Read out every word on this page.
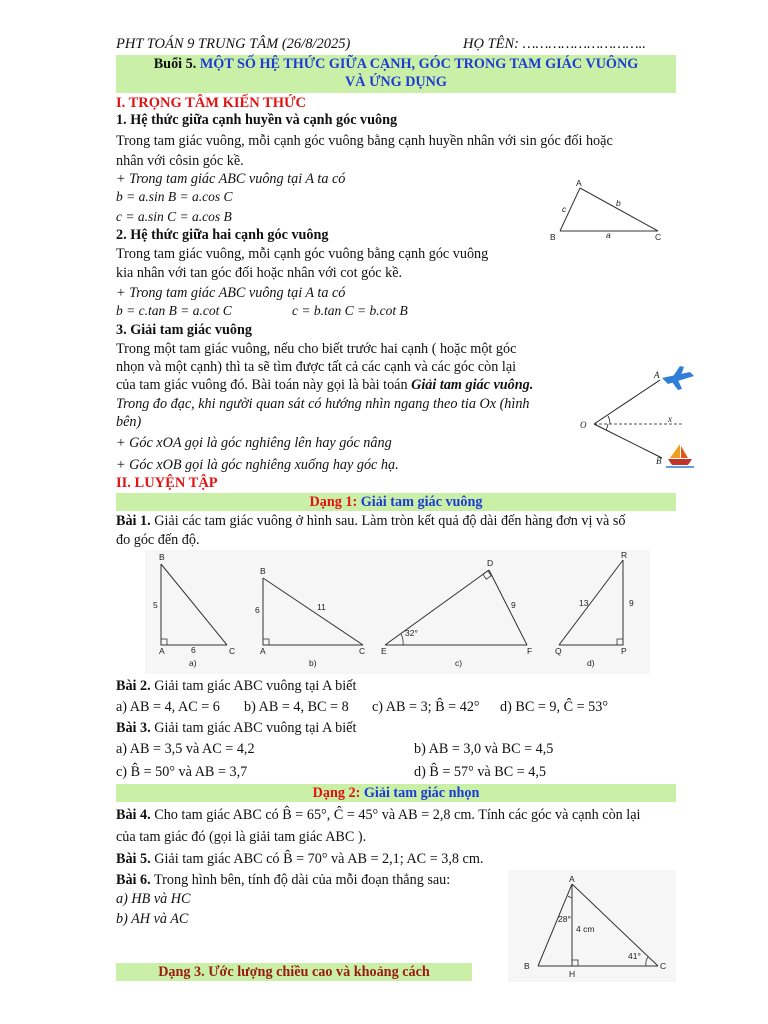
PHT TOÁN 9 TRUNG TÂM (26/8/2025)	HỌ TÊN: ………………………..
Buổi 5. MỘT SỐ HỆ THỨC GIỮA CẠNH, GÓC TRONG TAM GIÁC VUÔNG
VÀ ỨNG DỤNG
I. TRỌNG TÂM KIẾN THỨC
1. Hệ thức giữa cạnh huyền và cạnh góc vuông
Trong tam giác vuông, mỗi cạnh góc vuông bằng cạnh huyền nhân với sin góc đối hoặc
nhân với côsin góc kề.
+ Trong tam giác ABC vuông tại A ta có
b = a.sin B = a.cos C
c = a.sin C = a.cos B
A
B	C
a
b
c
2. Hệ thức giữa hai cạnh góc vuông
Trong tam giác vuông, mỗi cạnh góc vuông bằng cạnh góc vuông
kia nhân với tan góc đối hoặc nhân với cot góc kề.
+ Trong tam giác ABC vuông tại A ta có
b = c.tan B = a.cot C	c = b.tan C = b.cot B
3. Giải tam giác vuông
Trong một tam giác vuông, nếu cho biết trước hai cạnh ( hoặc một góc
nhọn và một cạnh) thì ta sẽ tìm được tất cả các cạnh và các góc còn lại
của tam giác vuông đó. Bài toán này gọi là bài toán Giải tam giác vuông.
Trong đo đạc, khi người quan sát có hướng nhìn ngang theo tia Ox (hình
bên)
+ Góc xOA gọi là góc nghiêng lên hay góc nâng
+ Góc xOB gọi là góc nghiêng xuống hay góc hạ.
A
O
B
x
II. LUYỆN TẬP
Dạng 1: Giải tam giác vuông
Bài 1. Giải các tam giác vuông ở hình sau. Làm tròn kết quả độ dài đến hàng đơn vị và số
đo góc đến độ.
B
A	C
5
6
a)
B
A	C
6	11
b)
D
E	F
32°
9
c)
R
Q	P
13	9
d)
Bài 2. Giải tam giác ABC vuông tại A biết
a) AB = 4, AC = 6 b) AB = 4, BC = 8 c) AB = 3; B̂ = 42° d) BC = 9, Ĉ = 53°
Bài 3. Giải tam giác ABC vuông tại A biết
a) AB = 3,5 và AC = 4,2	b) AB = 3,0 và BC = 4,5
c) B̂ = 50° và AB = 3,7	d) B̂ = 57° và BC = 4,5
Dạng 2: Giải tam giác nhọn
Bài 4. Cho tam giác ABC có B̂ = 65°, Ĉ = 45° và AB = 2,8 cm. Tính các góc và cạnh còn lại
của tam giác đó (gọi là giải tam giác ABC ).
Bài 5. Giải tam giác ABC có B̂ = 70° và AB = 2,1; AC = 3,8 cm.
Bài 6. Trong hình bên, tính độ dài của mỗi đoạn thẳng sau:
a) HB và HC
b) AH và AC
A
B
H
C
28°
4 cm
41°
Dạng 3. Ước lượng chiều cao và khoảng cách
